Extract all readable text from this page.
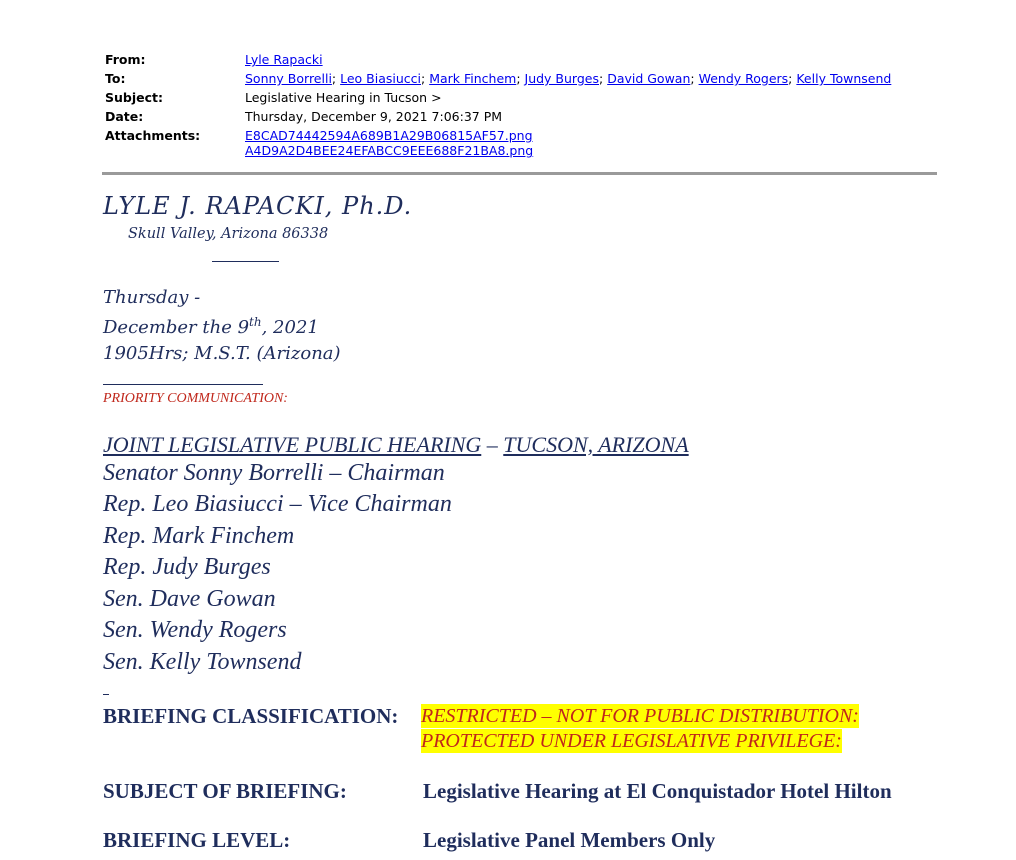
From:	Lyle Rapacki
To:	Sonny Borrelli; Leo Biasiucci; Mark Finchem; Judy Burges; David Gowan; Wendy Rogers; Kelly Townsend
Subject:	Legislative Hearing in Tucson >
Date:	Thursday, December 9, 2021 7:06:37 PM
Attachments:	E8CAD74442594A689B1A29B06815AF57.png
A4D9A2D4BEE24EFABCC9EEE688F21BA8.png
LYLE J. RAPACKI, Ph.D.
Skull Valley, Arizona 86338
Thursday -
December the 9th, 2021
1905Hrs; M.S.T. (Arizona)
PRIORITY COMMUNICATION:
JOINT LEGISLATIVE PUBLIC HEARING – TUCSON, ARIZONA
Senator Sonny Borrelli – Chairman
Rep. Leo Biasiucci – Vice Chairman
Rep. Mark Finchem
Rep. Judy Burges
Sen. Dave Gowan
Sen. Wendy Rogers
Sen. Kelly Townsend
BRIEFING CLASSIFICATION: RESTRICTED – NOT FOR PUBLIC DISTRIBUTION:
PROTECTED UNDER LEGISLATIVE PRIVILEGE:
SUBJECT OF BRIEFING:	Legislative Hearing at El Conquistador Hotel Hilton
BRIEFING LEVEL:	Legislative Panel Members Only
